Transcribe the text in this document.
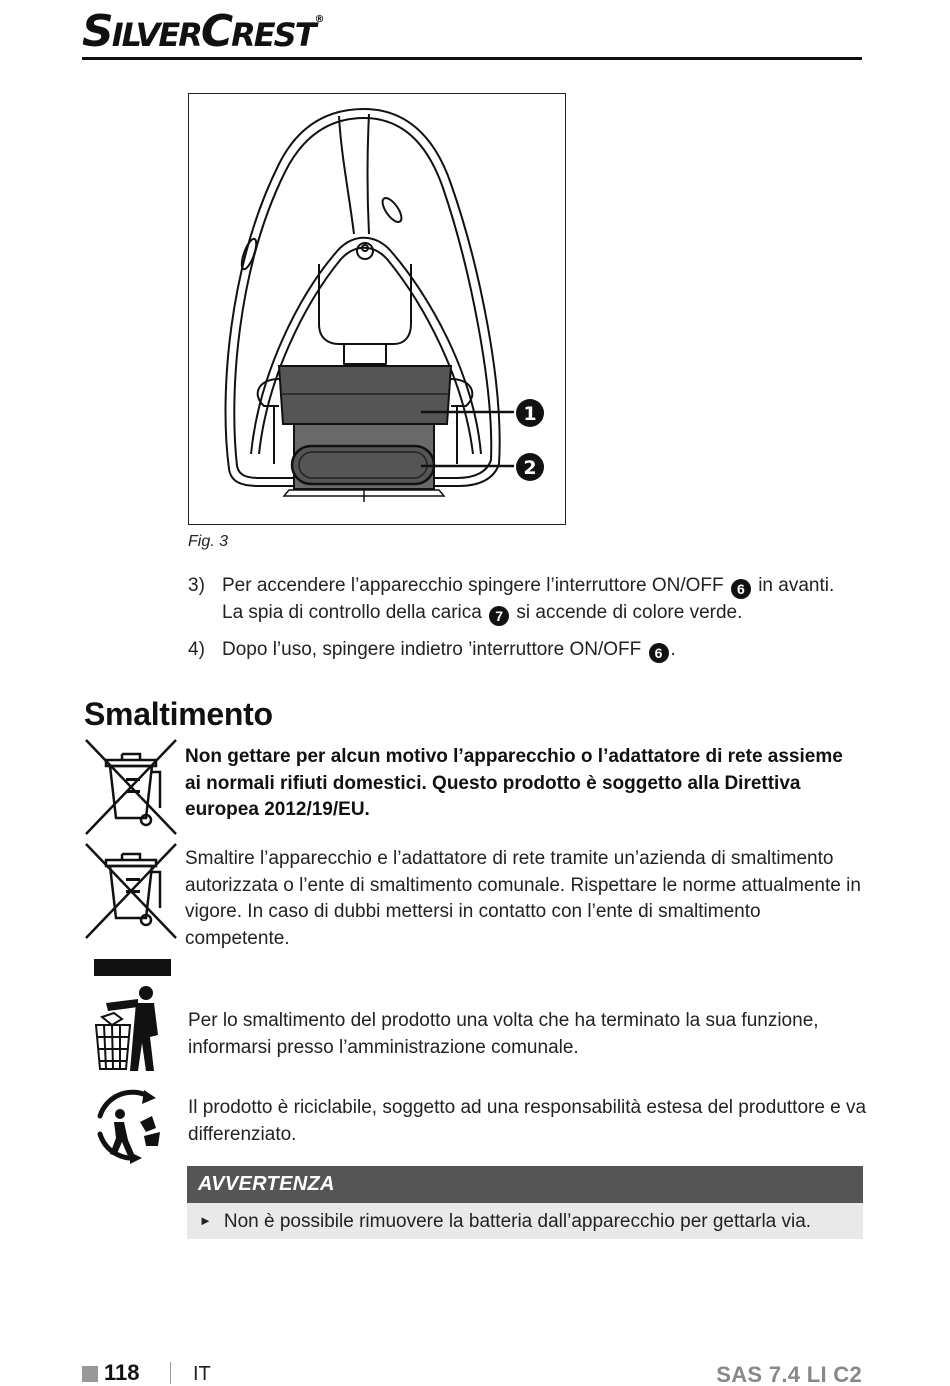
SILVERCREST®
1
2
Fig. 3
3) Per accendere l’apparecchio spingere l’interruttore ON/OFF 6 in avanti.
La spia di controllo della carica 7 si accende di colore verde.
4) Dopo l’uso, spingere indietro ’interruttore ON/OFF 6 .
Smaltimento
Non gettare per alcun motivo l’apparecchio o l’adattatore di rete assieme ai normali rifiuti domestici. Questo prodotto è soggetto alla Direttiva europea 2012/19/EU.
Smaltire l’apparecchio e l’adattatore di rete tramite un’azienda di smaltimento autorizzata o l’ente di smaltimento comunale. Rispettare le norme attualmente in vigore. In caso di dubbi mettersi in contatto con l’ente di smaltimento competente.
Per lo smaltimento del prodotto una volta che ha terminato la sua funzione, informarsi presso l’amministrazione comunale.
Il prodotto è riciclabile, soggetto ad una responsabilità estesa del produttore e va differenziato.
AVVERTENZA
► Non è possibile rimuovere la batteria dall’apparecchio per gettarla via.
118	IT	SAS 7.4 LI C2
